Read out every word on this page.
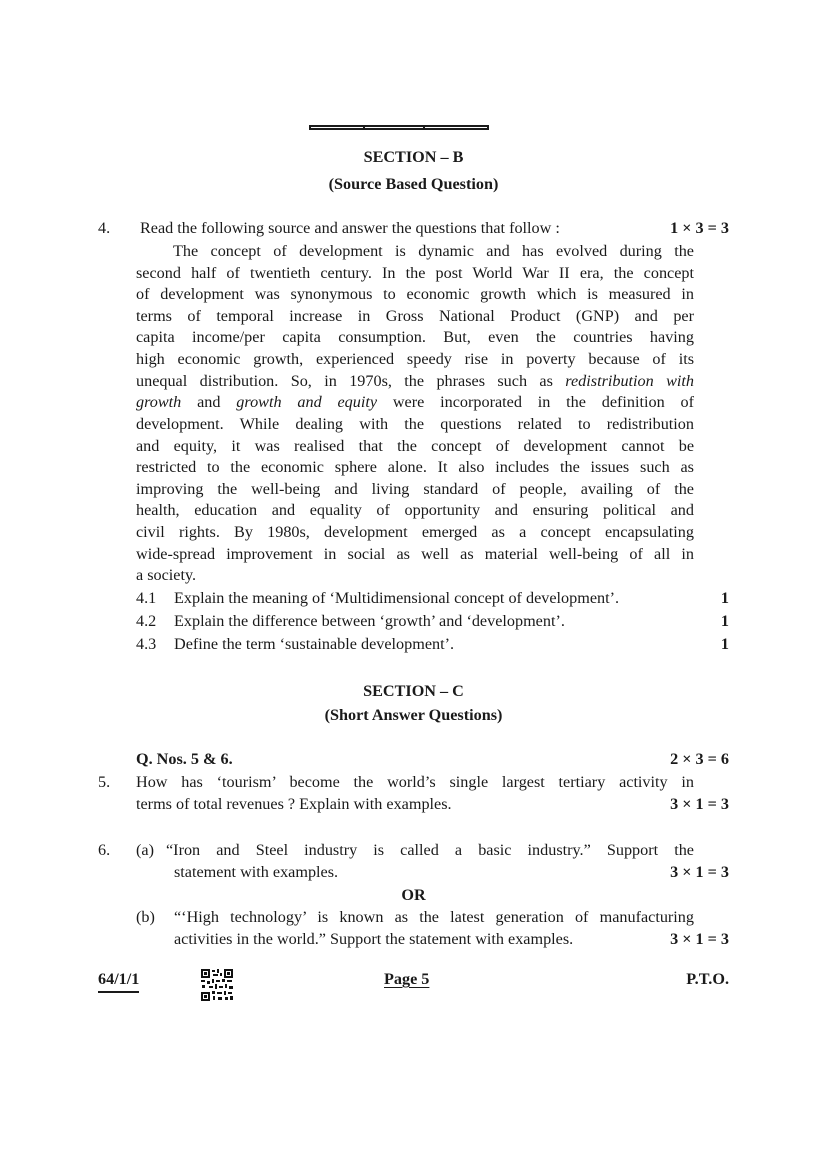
SECTION – B
(Source Based Question)
4. Read the following source and answer the questions that follow :	1 × 3 = 3
The concept of development is dynamic and has evolved during the
second half of twentieth century. In the post World War II era, the concept
of development was synonymous to economic growth which is measured in
terms of temporal increase in Gross National Product (GNP) and per
capita income/per capita consumption. But, even the countries having
high economic growth, experienced speedy rise in poverty because of its
unequal distribution. So, in 1970s, the phrases such as redistribution with
growth and growth and equity were incorporated in the definition of
development. While dealing with the questions related to redistribution
and equity, it was realised that the concept of development cannot be
restricted to the economic sphere alone. It also includes the issues such as
improving the well-being and living standard of people, availing of the
health, education and equality of opportunity and ensuring political and
civil rights. By 1980s, development emerged as a concept encapsulating
wide-spread improvement in social as well as material well-being of all in
a society.
4.1 Explain the meaning of ‘Multidimensional concept of development’.	1
4.2 Explain the difference between ‘growth’ and ‘development’.	1
4.3 Define the term ‘sustainable development’.	1
SECTION – C
(Short Answer Questions)
Q. Nos. 5 & 6.	2 × 3 = 6
5. How has ‘tourism’ become the world’s single largest tertiary activity in
terms of total revenues ? Explain with examples.	3 × 1 = 3
6. (a) “Iron and Steel industry is called a basic industry.” Support the
statement with examples.	3 × 1 = 3
OR
(b) “‘High technology’ is known as the latest generation of manufacturing
activities in the world.” Support the statement with examples.	3 × 1 = 3
64/1/1	Page 5	P.T.O.
